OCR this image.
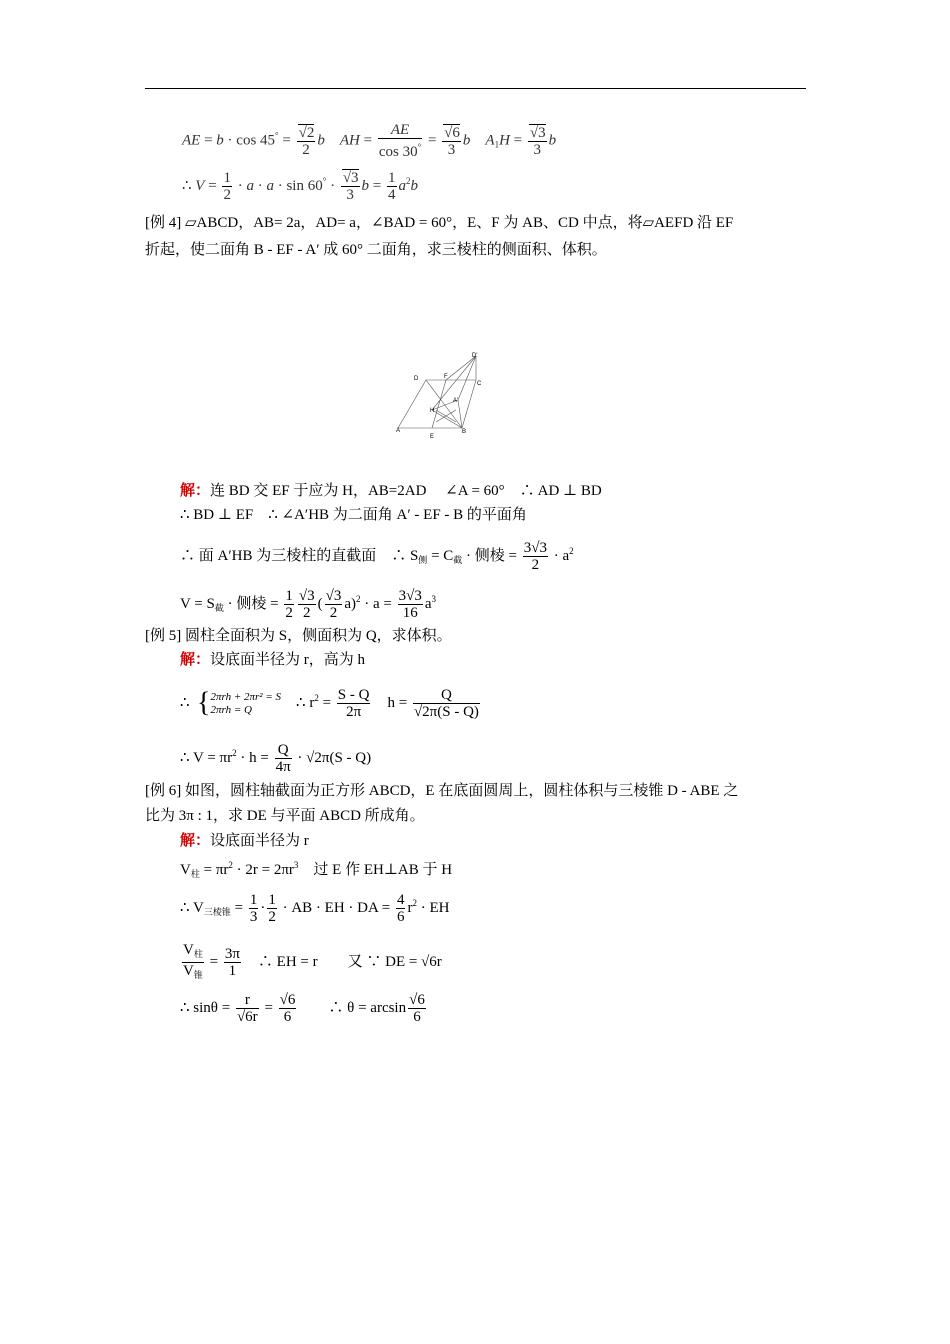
AE = $b \cdot \cos 45^\circ = \frac{√2}{2}$ b AH = $\frac{AE}{\cos 30^\circ} = \frac{√6}{3}$ b $A_1H = \frac{√3}{3}$ b
∴ $V = \frac{1}{2} \cdot a \cdot a \cdot \sin 60^\circ \cdot \frac{√3}{3}$ $b = \frac{1}{4} a^2b$
[例 4] ▱ABCD，AB= 2a，AD= a，∠BAD = 60°，E、F 为 AB、CD 中点，将▱AEFD 沿 EF
折起，使二面角 B - EF - A′ 成 60° 二面角，求三棱柱的侧面积、体积。
D	F
C
D'
H
A'
A
E
B
解：连 BD 交 EF 于应为 H，AB=2AD　 ∠A = 60°　∴ AD ⊥ BD
∴ BD ⊥ EF　∴ ∠A′HB 为二面角 A′ - EF - B 的平面角
∴ 面 A′HB 为三棱柱的直截面　∴ $S_侧 = C_截$ · 侧棱 = $\frac{3√3}{2} \cdot a^2$
$V = S_截$ · 侧棱 = $\frac{1}{2} \frac{√3}{2}$ ( $\frac{√3}{2} a)^2 \cdot a = \frac{3√3}{16} a^3$
[例 5] 圆柱全面积为 S，侧面积为 Q，求体积。
解：设底面半径为 r，高为 h
∴ { 2πrh + 2πr² = S
2πrh = Q	∴ $r^2 = \frac{S - Q}{2\pi}$ $h = \frac{Q}{√2\pi(S - Q)}$
∴ $V = \pi r^2 \cdot h = \frac{Q}{4\pi} \cdot √2\pi(S - Q)$
[例 6] 如图，圆柱轴截面为正方形 ABCD，E 在底面圆周上，圆柱体积与三棱锥 D - ABE 之
比为 3π : 1，求 DE 与平面 ABCD 所成角。
解：设底面半径为 r
$V_柱 = \pi r^2 \cdot 2r = 2\pi r^3$　过 E 作 EH⊥AB 于 H
∴ $V_{三棱锥} = \frac{1}{3} \cdot \frac{1}{2}$ · AB · EH · DA = $\frac{4}{6} r^2$ · EH
$\frac{V_柱}{V_锥} = \frac{3\pi}{1}$ 　∴ EH = r　　又 ∵ DE = √6r
∴ $\sin\theta = \frac{r}{√6r} = \frac{√6}{6}$ 　　∴ $\theta = \arcsin \frac{√6}{6}$
